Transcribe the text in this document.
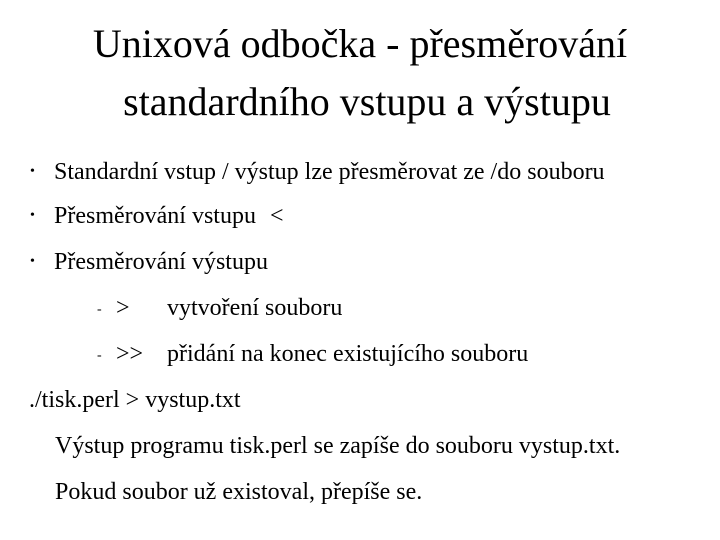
Unixová odbočka - přesměrování
standardního vstupu a výstupu
• Standardní vstup / výstup lze přesměrovat ze /do souboru
• Přesměrování vstupu <
• Přesměrování výstupu
- > vytvoření souboru
- >> přidání na konec existujícího souboru
./tisk.perl > vystup.txt
Výstup programu tisk.perl se zapíše do souboru vystup.txt.
Pokud soubor už existoval, přepíše se.
